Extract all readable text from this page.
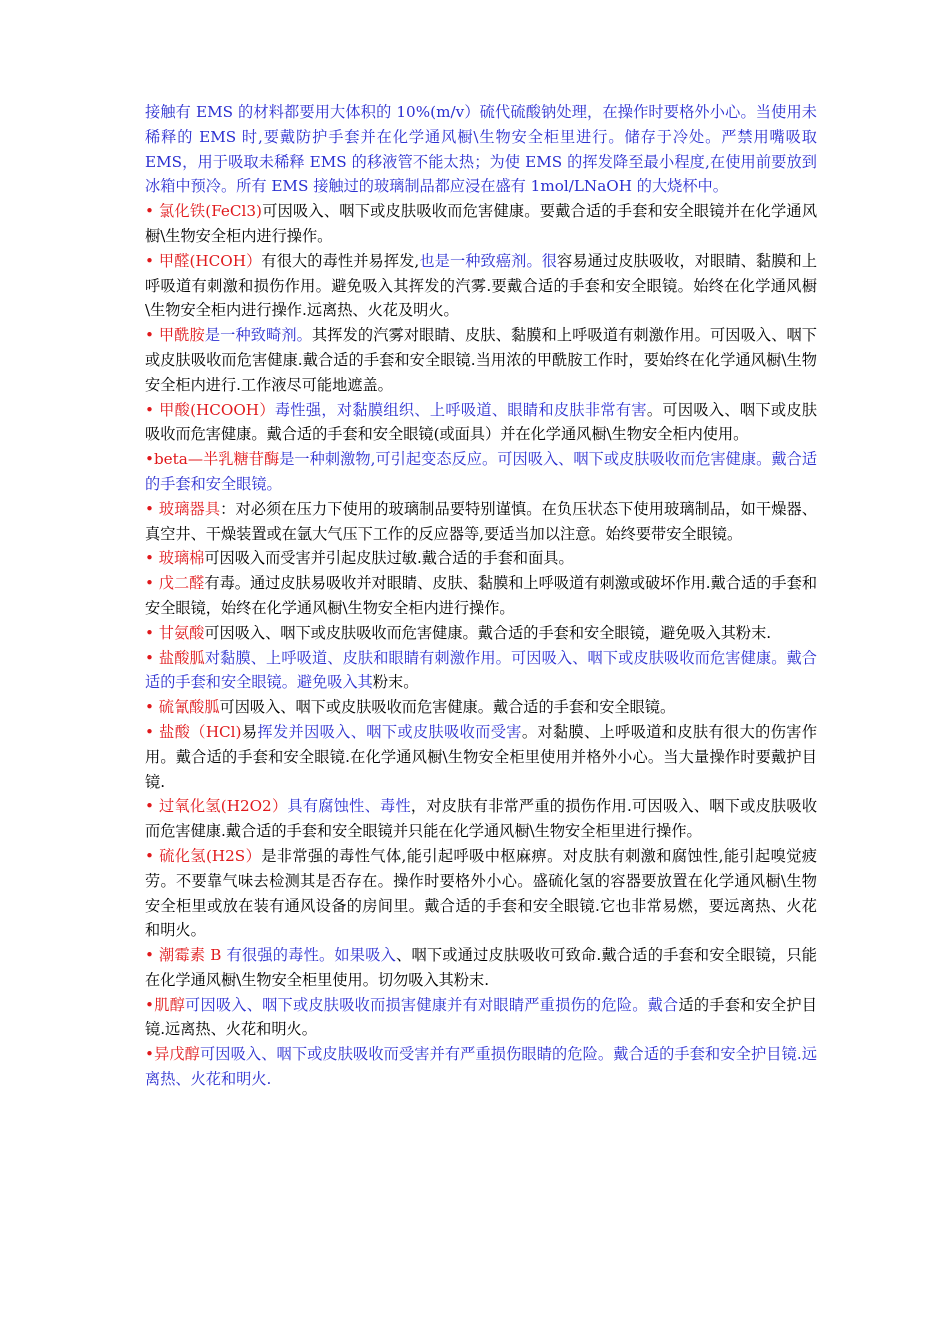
接触有 EMS 的材料都要用大体积的 10%(m/v）硫代硫酸钠处理，在操作时要格外小心。当使用未稀释的 EMS 时,要戴防护手套并在化学通风橱\生物安全柜里进行。储存于冷处。严禁用嘴吸取 EMS，用于吸取未稀释 EMS 的移液管不能太热；为使 EMS 的挥发降至最小程度,在使用前要放到冰箱中预冷。所有 EMS 接触过的玻璃制品都应浸在盛有 1mol/LNaOH 的大烧杯中。
• 氯化铁(FeCl3)可因吸入、咽下或皮肤吸收而危害健康。要戴合适的手套和安全眼镜并在化学通风橱\生物安全柜内进行操作。
• 甲醛(HCOH）有很大的毒性并易挥发,也是一种致癌剂。很容易通过皮肤吸收，对眼睛、黏膜和上呼吸道有刺激和损伤作用。避免吸入其挥发的汽雾.要戴合适的手套和安全眼镜。始终在化学通风橱\生物安全柜内进行操作.远离热、火花及明火。
• 甲酰胺是一种致畸剂。其挥发的汽雾对眼睛、皮肤、黏膜和上呼吸道有刺激作用。可因吸入、咽下或皮肤吸收而危害健康.戴合适的手套和安全眼镜.当用浓的甲酰胺工作时，要始终在化学通风橱\生物安全柜内进行.工作液尽可能地遮盖。
• 甲酸(HCOOH）毒性强，对黏膜组织、上呼吸道、眼睛和皮肤非常有害。可因吸入、咽下或皮肤吸收而危害健康。戴合适的手套和安全眼镜(或面具）并在化学通风橱\生物安全柜内使用。
•beta—半乳糖苷酶是一种刺激物,可引起变态反应。可因吸入、咽下或皮肤吸收而危害健康。戴合适的手套和安全眼镜。
• 玻璃器具：对必须在压力下使用的玻璃制品要特别谨慎。在负压状态下使用玻璃制品，如干燥器、真空井、干燥装置或在氩大气压下工作的反应器等,要适当加以注意。始终要带安全眼镜。
• 玻璃棉可因吸入而受害并引起皮肤过敏.戴合适的手套和面具。
• 戊二醛有毒。通过皮肤易吸收并对眼睛、皮肤、黏膜和上呼吸道有刺激或破坏作用.戴合适的手套和安全眼镜，始终在化学通风橱\生物安全柜内进行操作。
• 甘氨酸可因吸入、咽下或皮肤吸收而危害健康。戴合适的手套和安全眼镜，避免吸入其粉末.
• 盐酸胍对黏膜、上呼吸道、皮肤和眼睛有刺激作用。可因吸入、咽下或皮肤吸收而危害健康。戴合适的手套和安全眼镜。避免吸入其粉末。
• 硫氰酸胍可因吸入、咽下或皮肤吸收而危害健康。戴合适的手套和安全眼镜。
• 盐酸（HCl)易挥发并因吸入、咽下或皮肤吸收而受害。对黏膜、上呼吸道和皮肤有很大的伤害作用。戴合适的手套和安全眼镜.在化学通风橱\生物安全柜里使用并格外小心。当大量操作时要戴护目镜.
• 过氧化氢(H2O2）具有腐蚀性、毒性，对皮肤有非常严重的损伤作用.可因吸入、咽下或皮肤吸收而危害健康.戴合适的手套和安全眼镜并只能在化学通风橱\生物安全柜里进行操作。
• 硫化氢(H2S）是非常强的毒性气体,能引起呼吸中枢麻痹。对皮肤有刺激和腐蚀性,能引起嗅觉疲劳。不要靠气味去检测其是否存在。操作时要格外小心。盛硫化氢的容器要放置在化学通风橱\生物安全柜里或放在装有通风设备的房间里。戴合适的手套和安全眼镜.它也非常易燃，要远离热、火花和明火。
• 潮霉素 B 有很强的毒性。如果吸入、咽下或通过皮肤吸收可致命.戴合适的手套和安全眼镜，只能在化学通风橱\生物安全柜里使用。切勿吸入其粉末.
•肌醇可因吸入、咽下或皮肤吸收而损害健康并有对眼睛严重损伤的危险。戴合适的手套和安全护目镜.远离热、火花和明火。
•异戊醇可因吸入、咽下或皮肤吸收而受害并有严重损伤眼睛的危险。戴合适的手套和安全护目镜.远离热、火花和明火.
